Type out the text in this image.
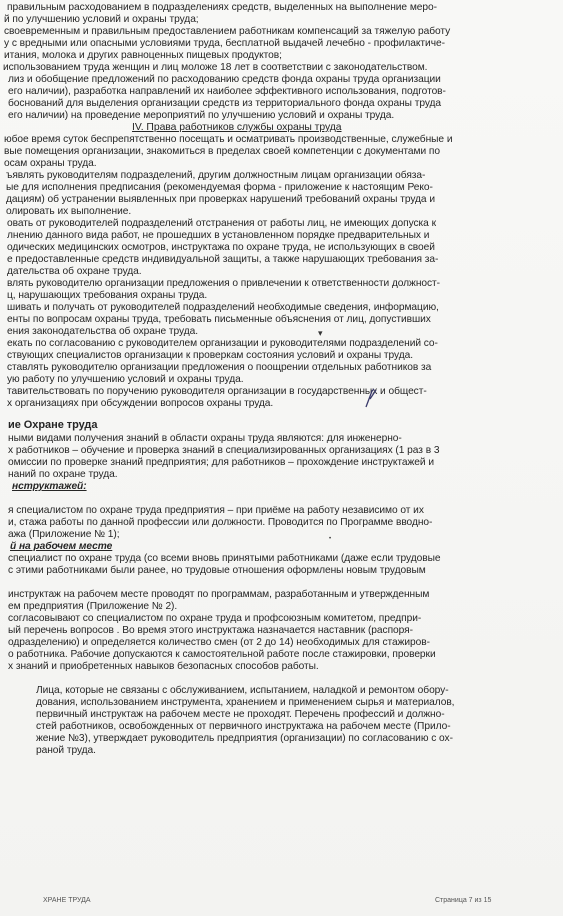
правильным расходованием в подразделениях средств, выделенных на выполнение меро-
й по улучшению условий и охраны труда;
своевременным и правильным предоставлением работникам компенсаций за тяжелую работу
у с вредными или опасными условиями труда, бесплатной выдачей лечебно - профилактиче-
итания, молока и других равноценных пищевых продуктов;
использованием труда женщин и лиц моложе 18 лет в соответствии с законодательством.
лиз и обобщение предложений по расходованию средств фонда охраны труда организации
его наличии), разработка направлений их наиболее эффективного использования, подготов-
боснований для выделения организации средств из территориального фонда охраны труда
его наличии) на проведение мероприятий по улучшению условий и охраны труда.
IV. Права работников службы охраны труда
юбое время суток беспрепятственно посещать и осматривать производственные, служебные и
вые помещения организации, знакомиться в пределах своей компетенции с документами по
осам охраны труда.
ъявлять руководителям подразделений, другим должностным лицам организации обяза-
ые для исполнения предписания (рекомендуемая форма - приложение к настоящим Реко-
дациям) об устранении выявленных при проверках нарушений требований охраны труда и
олировать их выполнение.
овать от руководителей подразделений отстранения от работы лиц, не имеющих допуска к
лнению данного вида работ, не прошедших в установленном порядке предварительных и
одических медицинских осмотров, инструктажа по охране труда, не использующих в своей
е предоставленные средств индивидуальной защиты, а также нарушающих требования за-
дательства об охране труда.
влять руководителю организации предложения о привлечении к ответственности должност-
ц, нарушающих требования охраны труда.
шивать и получать от руководителей подразделений необходимые сведения, информацию,
енты по вопросам охраны труда, требовать письменные объяснения от лиц, допустивших
ения законодательства об охране труда.
екать по согласованию с руководителем организации и руководителями подразделений со-
ствующих специалистов организации к проверкам состояния условий и охраны труда.
ставлять руководителю организации предложения о поощрении отдельных работников за
ую работу по улучшению условий и охраны труда.
тавительствовать по поручению руководителя организации в государственных и общест-
х организациях при обсуждении вопросов охраны труда.
ие Охране труда
ными видами получения знаний в области охраны труда являются: для инженерно-
х работников – обучение и проверка знаний в специализированных организациях (1 раз в 3
омиссии по проверке знаний предприятия; для работников – прохождение инструктажей и
наний по охране труда.
нструктажей:
я специалистом по охране труда предприятия – при приёме на работу независимо от их
и, стажа работы по данной профессии или должности. Проводится по Программе вводно-
ажа (Приложение № 1);
й на рабочем месте
специалист по охране труда (со всеми вновь принятыми работниками (даже если трудовые
с этими работниками были ранее, но трудовые отношения оформлены новым трудовым
инструктаж на рабочем месте проводят по программам, разработанным и утвержденным
ем предприятия (Приложение № 2).
согласовывают со специалистом по охране труда и профсоюзным комитетом, предпри-
ый перечень вопросов . Во время этого инструктажа назначается наставник (распоря-
одразделению) и определяется количество смен (от 2 до 14) необходимых для стажиров-
о работника. Рабочие допускаются к самостоятельной работе после стажировки, проверки
х знаний и приобретенных навыков безопасных способов работы.
Лица, которые не связаны с обслуживанием, испытанием, наладкой и ремонтом обору-
дования, использованием инструмента, хранением и применением сырья и материалов,
первичный инструктаж на рабочем месте не проходят. Перечень профессий и должно-
стей работников, освобожденных от первичного инструктажа на рабочем месте (Прило-
жение №3), утверждает руководитель предприятия (организации) по согласованию с ох-
раной труда.
▾
•
ХРАНЕ ТРУДА	Страница 7 из 15
